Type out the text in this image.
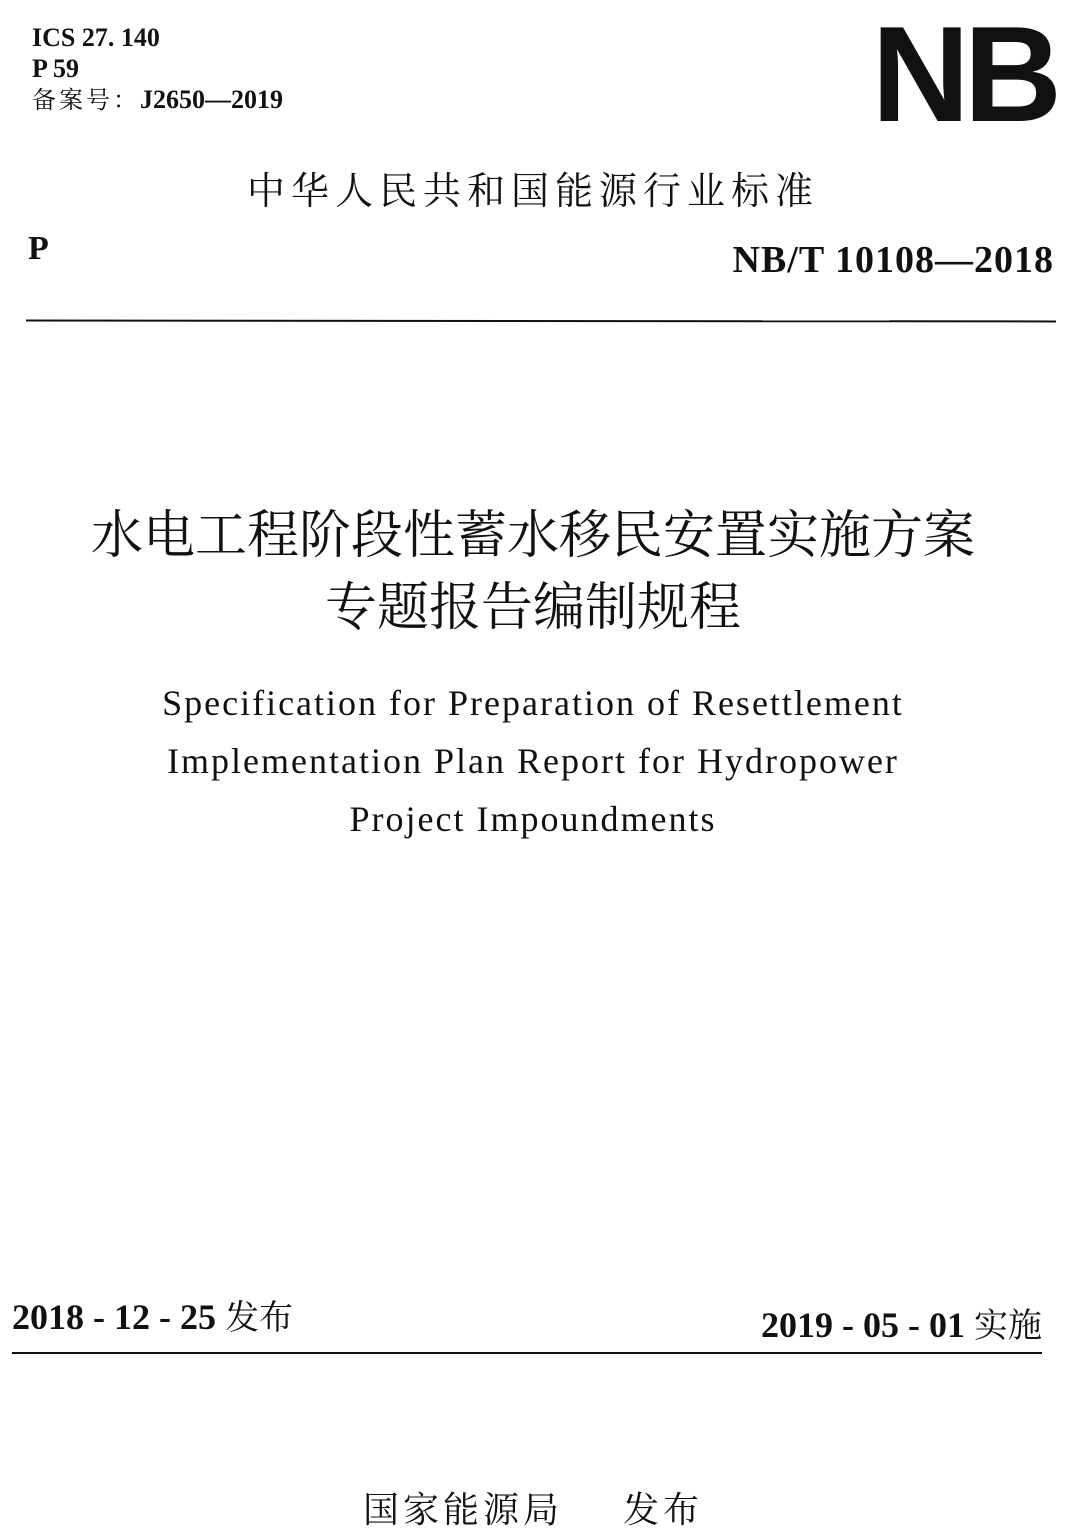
ICS 27. 140
P 59
备案号：J2650—2019	NB
中华人民共和国能源行业标准
P	NB/T 10108—2018
水电工程阶段性蓄水移民安置实施方案
专题报告编制规程
Specification for Preparation of Resettlement
Implementation Plan Report for Hydropower
Project Impoundments
2018 - 12 - 25 发布	2019 - 05 - 01 实施
国家能源局 发布
